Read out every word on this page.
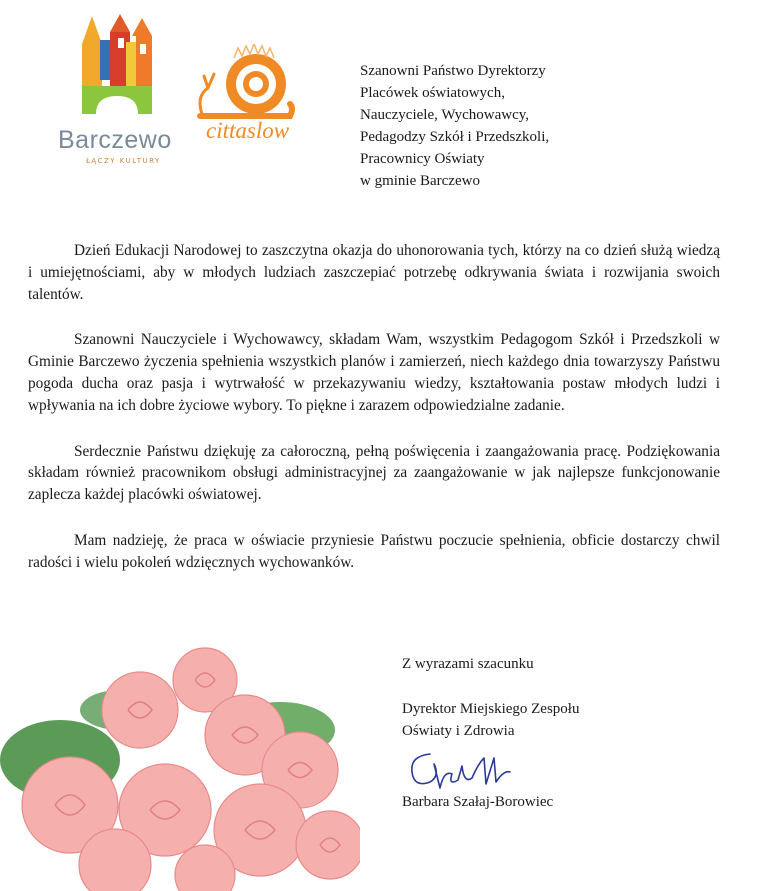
Barczewo
ŁĄCZY KULTURY
cittaslow
Szanowni Państwo Dyrektorzy
Placówek oświatowych,
Nauczyciele, Wychowawcy,
Pedagodzy Szkół i Przedszkoli,
Pracownicy Oświaty
w gminie Barczewo

Dzień Edukacji Narodowej to zaszczytna okazja do uhonorowania tych, którzy na co dzień służą wiedzą i umiejętnościami, aby w młodych ludziach zaszczepiać potrzebę odkrywania świata i rozwijania swoich talentów.

Szanowni Nauczyciele i Wychowawcy, składam Wam, wszystkim Pedagogom Szkół i Przedszkoli w Gminie Barczewo życzenia spełnienia wszystkich planów i zamierzeń, niech każdego dnia towarzyszy Państwu pogoda ducha oraz pasja i wytrwałość w przekazywaniu wiedzy, kształtowania postaw młodych ludzi i wpływania na ich dobre życiowe wybory. To piękne i zarazem odpowiedzialne zadanie.

Serdecznie Państwu dziękuję za całoroczną, pełną poświęcenia i zaangażowania pracę. Podziękowania składam również pracownikom obsługi administracyjnej za zaangażowanie w jak najlepsze funkcjonowanie zaplecza każdej placówki oświatowej.

Mam nadzieję, że praca w oświacie przyniesie Państwu poczucie spełnienia, obficie dostarczy chwil radości i wielu pokoleń wdzięcznych wychowanków.

Z wyrazami szacunku
Dyrektor Miejskiego Zespołu
Oświaty i Zdrowia
Barbara Szałaj-Borowiec
